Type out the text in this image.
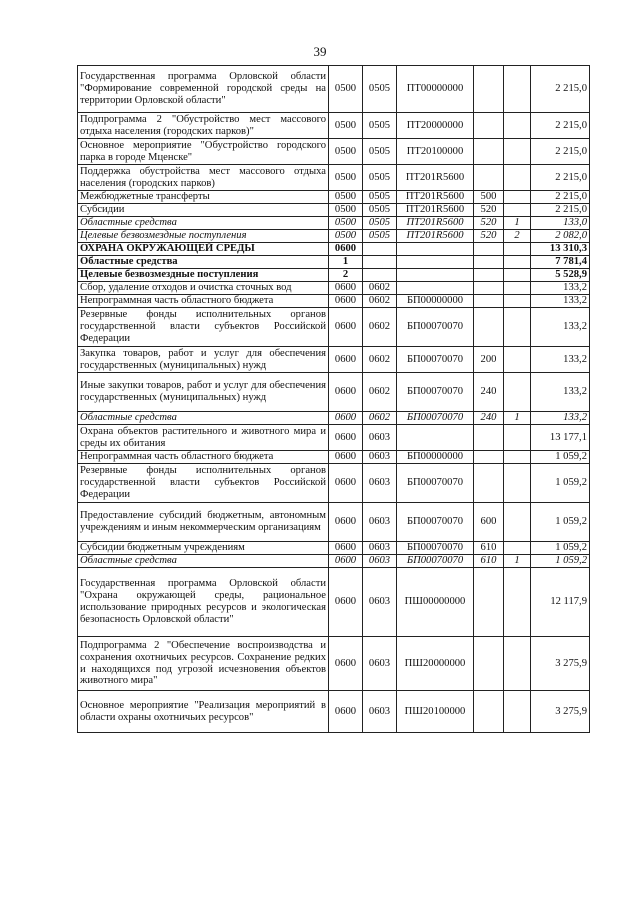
39
Государственная программа Орловской области "Формирование современной городской среды на территории Орловской области"	0500	0505	ПТ00000000			2 215,0
Подпрограмма 2 "Обустройство мест массового отдыха населения (городских парков)"	0500	0505	ПТ20000000			2 215,0
Основное мероприятие "Обустройство городского парка в городе Мценске"	0500	0505	ПТ20100000			2 215,0
Поддержка обустройства мест массового отдыха населения (городских парков)	0500	0505	ПТ201R5600			2 215,0
Межбюджетные трансферты	0500	0505	ПТ201R5600	500		2 215,0
Субсидии	0500	0505	ПТ201R5600	520		2 215,0
Областные средства	0500	0505	ПТ201R5600	520	1	133,0
Целевые безвозмездные поступления	0500	0505	ПТ201R5600	520	2	2 082,0
ОХРАНА ОКРУЖАЮЩЕЙ СРЕДЫ	0600					13 310,3
Областные средства	1					7 781,4
Целевые безвозмездные поступления	2					5 528,9
Сбор, удаление отходов и очистка сточных вод	0600	0602				133,2
Непрограммная часть областного бюджета	0600	0602	БП00000000			133,2
Резервные фонды исполнительных органов государственной власти субъектов Российской Федерации	0600	0602	БП00070070			133,2
Закупка товаров, работ и услуг для обеспечения государственных (муниципальных) нужд	0600	0602	БП00070070	200		133,2
Иные закупки товаров, работ и услуг для обеспечения государственных (муниципальных) нужд	0600	0602	БП00070070	240		133,2
Областные средства	0600	0602	БП00070070	240	1	133,2
Охрана объектов растительного и животного мира и среды их обитания	0600	0603				13 177,1
Непрограммная часть областного бюджета	0600	0603	БП00000000			1 059,2
Резервные фонды исполнительных органов государственной власти субъектов Российской Федерации	0600	0603	БП00070070			1 059,2
Предоставление субсидий бюджетным, автономным учреждениям и иным некоммерческим организациям	0600	0603	БП00070070	600		1 059,2
Субсидии бюджетным учреждениям	0600	0603	БП00070070	610		1 059,2
Областные средства	0600	0603	БП00070070	610	1	1 059,2
Государственная программа Орловской области "Охрана окружающей среды, рациональное использование природных ресурсов и экологическая безопасность Орловской области"	0600	0603	ПШ00000000			12 117,9
Подпрограмма 2 "Обеспечение воспроизводства и сохранения охотничьих ресурсов. Сохранение редких и находящихся под угрозой исчезновения объектов животного мира"	0600	0603	ПШ20000000			3 275,9
Основное мероприятие "Реализация мероприятий в области охраны охотничьих ресурсов"	0600	0603	ПШ20100000			3 275,9
